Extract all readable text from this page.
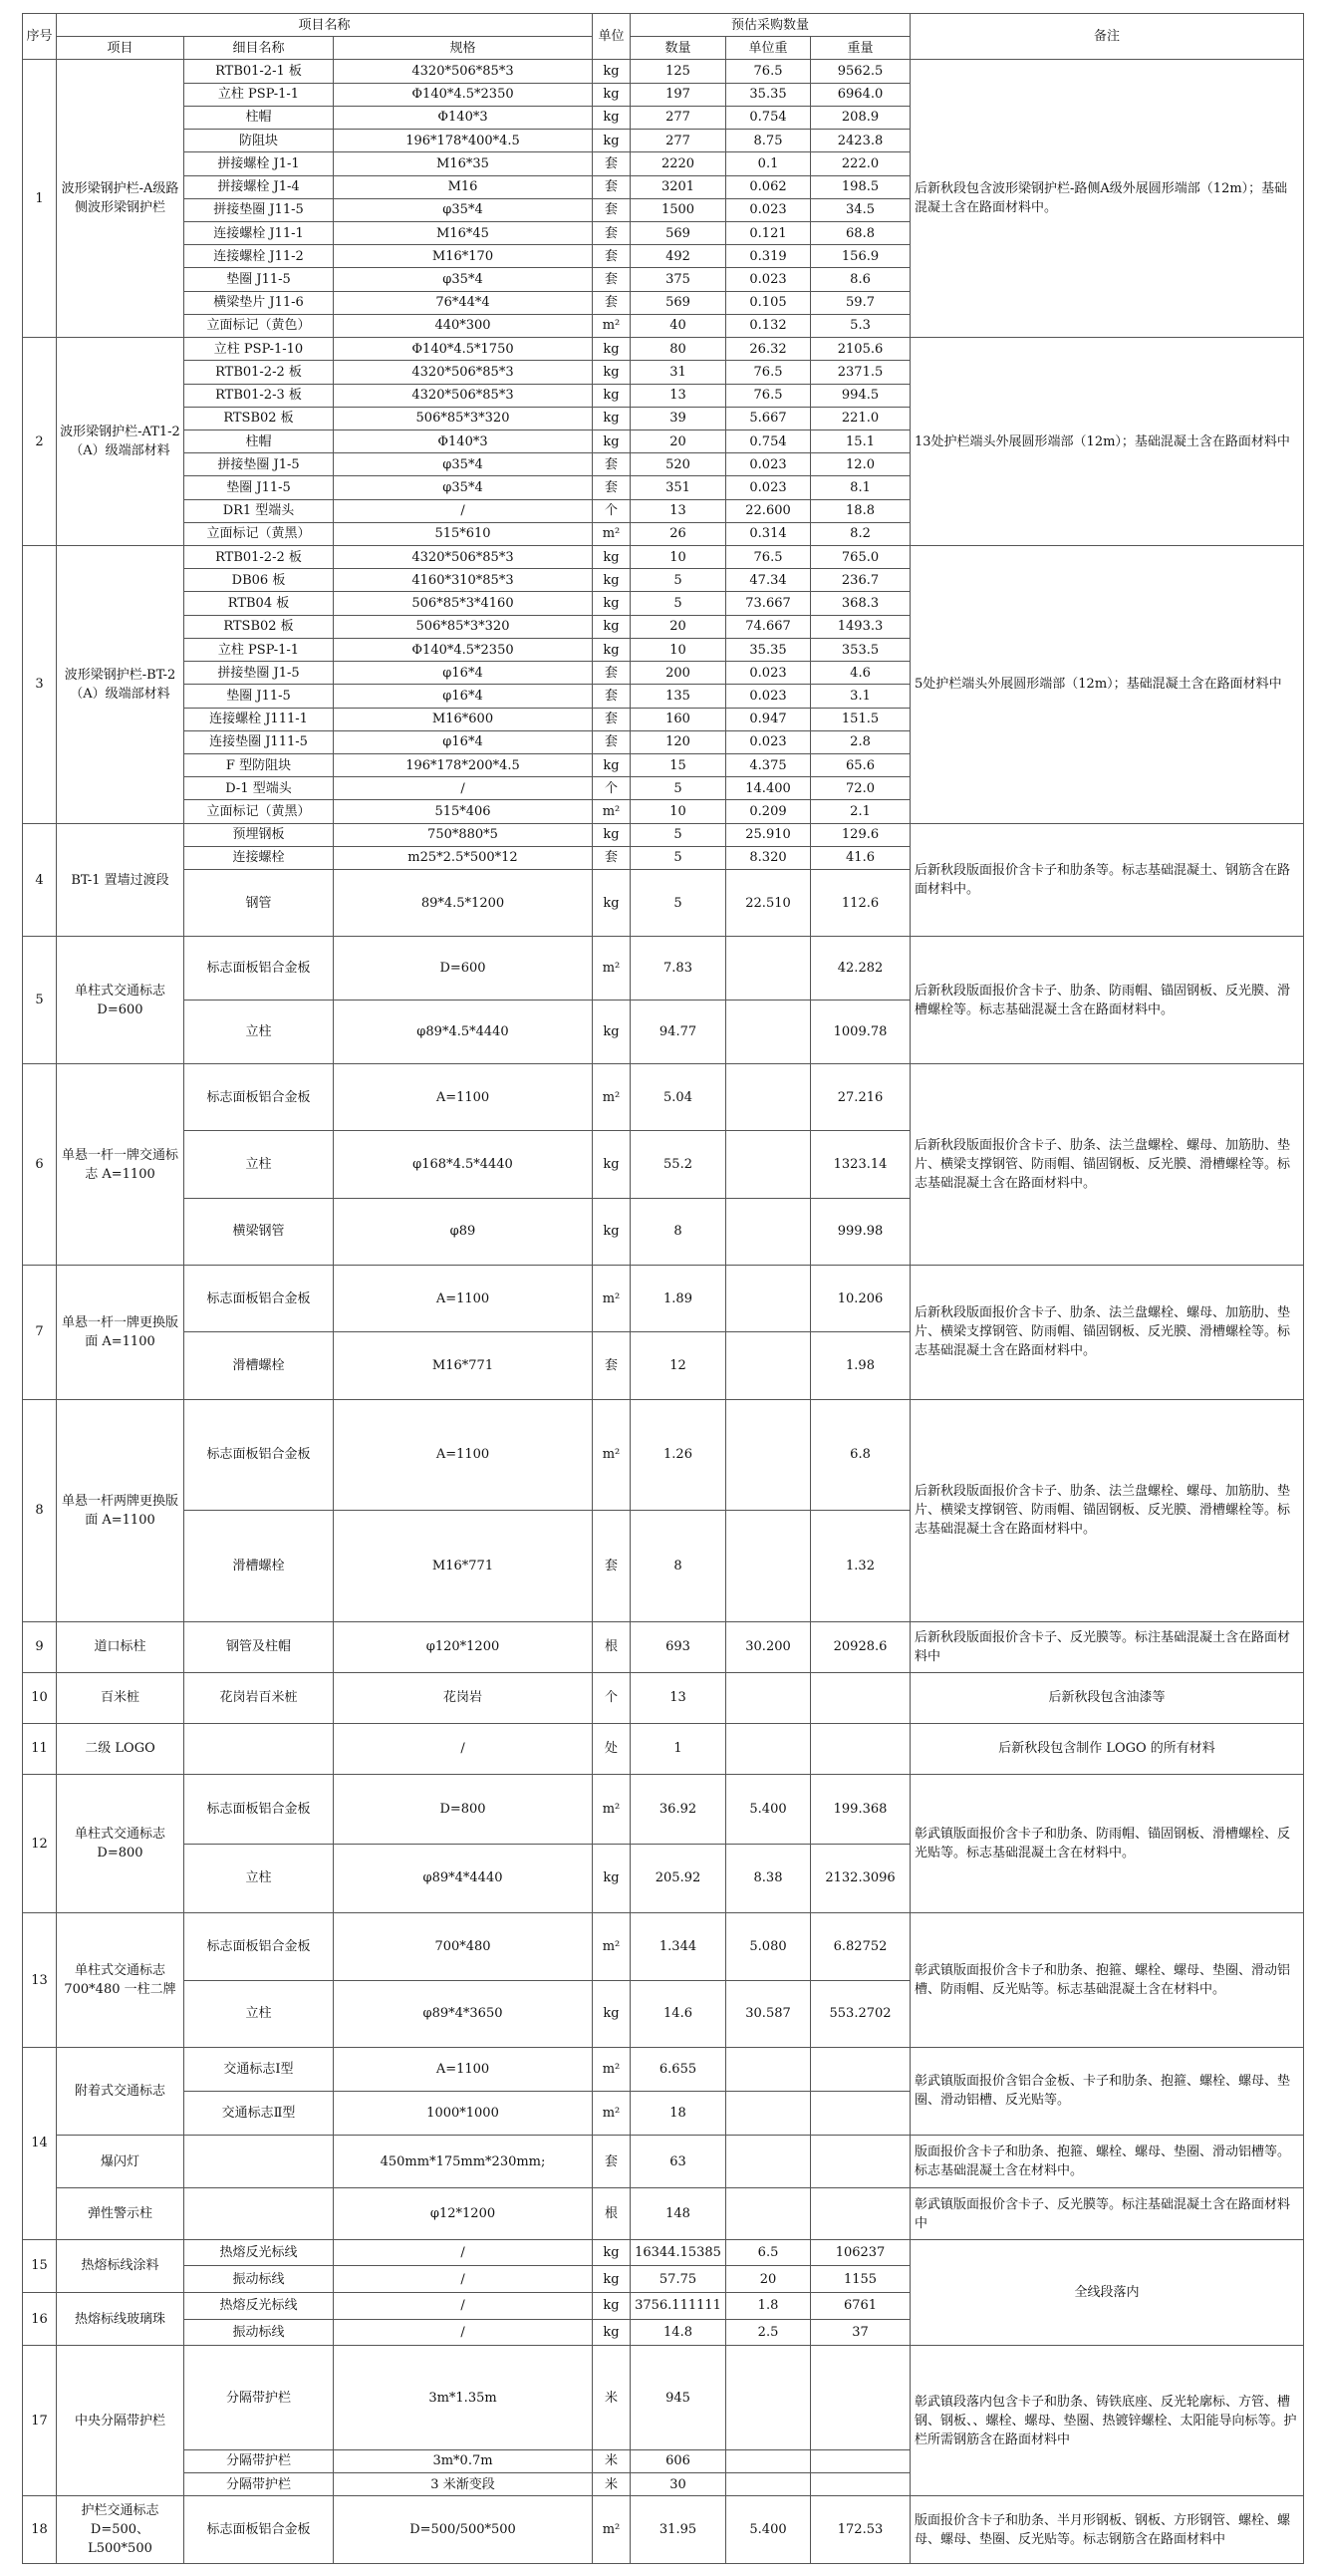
序号	项目名称			单位	预估采购数量			备注
	项目	细目名称	规格		数量	单位重	重量	
1	波形梁钢护栏-A级路侧波形梁钢护栏	RTB01-2-1 板	4320*506*85*3	kg	125	76.5	9562.5	后新秋段包含波形梁钢护栏-路侧A级外展圆形端部（12m）；基础混凝土含在路面材料中。
		立柱 PSP-1-1	Φ140*4.5*2350	kg	197	35.35	6964.0	
		柱帽	Φ140*3	kg	277	0.754	208.9	
		防阻块	196*178*400*4.5	kg	277	8.75	2423.8	
		拼接螺栓 J1-1	M16*35	套	2220	0.1	222.0	
		拼接螺栓 J1-4	M16	套	3201	0.062	198.5	
		拼接垫圈 J11-5	φ35*4	套	1500	0.023	34.5	
		连接螺栓 J11-1	M16*45	套	569	0.121	68.8	
		连接螺栓 J11-2	M16*170	套	492	0.319	156.9	
		垫圈 J11-5	φ35*4	套	375	0.023	8.6	
		横梁垫片 J11-6	76*44*4	套	569	0.105	59.7	
		立面标记（黄色）	440*300	m²	40	0.132	5.3	
2	波形梁钢护栏-AT1-2（A）级端部材料	立柱 PSP-1-10	Φ140*4.5*1750	kg	80	26.32	2105.6	13处护栏端头外展圆形端部（12m）；基础混凝土含在路面材料中
		RTB01-2-2 板	4320*506*85*3	kg	31	76.5	2371.5	
		RTB01-2-3 板	4320*506*85*3	kg	13	76.5	994.5	
		RTSB02 板	506*85*3*320	kg	39	5.667	221.0	
		柱帽	Φ140*3	kg	20	0.754	15.1	
		拼接垫圈 J1-5	φ35*4	套	520	0.023	12.0	
		垫圈 J11-5	φ35*4	套	351	0.023	8.1	
		DR1 型端头	/	个	13	22.600	18.8	
		立面标记（黄黑）	515*610	m²	26	0.314	8.2	
3	波形梁钢护栏-BT-2（A）级端部材料	RTB01-2-2 板	4320*506*85*3	kg	10	76.5	765.0	5处护栏端头外展圆形端部（12m）；基础混凝土含在路面材料中
		DB06 板	4160*310*85*3	kg	5	47.34	236.7	
		RTB04 板	506*85*3*4160	kg	5	73.667	368.3	
		RTSB02 板	506*85*3*320	kg	20	74.667	1493.3	
		立柱 PSP-1-1	Φ140*4.5*2350	kg	10	35.35	353.5	
		拼接垫圈 J1-5	φ16*4	套	200	0.023	4.6	
		垫圈 J11-5	φ16*4	套	135	0.023	3.1	
		连接螺栓 J111-1	M16*600	套	160	0.947	151.5	
		连接垫圈 J111-5	φ16*4	套	120	0.023	2.8	
		F 型防阻块	196*178*200*4.5	kg	15	4.375	65.6	
		D-1 型端头	/	个	5	14.400	72.0	
		立面标记（黄黑）	515*406	m²	10	0.209	2.1	
4	BT-1 置墙过渡段	预埋钢板	750*880*5	kg	5	25.910	129.6	后新秋段版面报价含卡子和肋条等。标志基础混凝土、钢筋含在路面材料中。
		连接螺栓	m25*2.5*500*12	套	5	8.320	41.6	
		钢管	89*4.5*1200	kg	5	22.510	112.6	
5	单柱式交通标志 D=600	标志面板铝合金板	D=600	m²	7.83		42.282	后新秋段版面报价含卡子、肋条、防雨帽、锚固钢板、反光膜、滑槽螺栓等。标志基础混凝土含在路面材料中。
		立柱	φ89*4.5*4440	kg	94.77		1009.78	
6	单悬一杆一牌交通标志 A=1100	标志面板铝合金板	A=1100	m²	5.04		27.216	后新秋段版面报价含卡子、肋条、法兰盘螺栓、螺母、加筋肋、垫片、横梁支撑钢管、防雨帽、锚固钢板、反光膜、滑槽螺栓等。标志基础混凝土含在路面材料中。
		立柱	φ168*4.5*4440	kg	55.2		1323.14	
		横梁钢管	φ89	kg	8		999.98	
7	单悬一杆一牌更换版面 A=1100	标志面板铝合金板	A=1100	m²	1.89		10.206	后新秋段版面报价含卡子、肋条、法兰盘螺栓、螺母、加筋肋、垫片、横梁支撑钢管、防雨帽、锚固钢板、反光膜、滑槽螺栓等。标志基础混凝土含在路面材料中。
		滑槽螺栓	M16*771	套	12		1.98	
8	单悬一杆两牌更换版面 A=1100	标志面板铝合金板	A=1100	m²	1.26		6.8	后新秋段版面报价含卡子、肋条、法兰盘螺栓、螺母、加筋肋、垫片、横梁支撑钢管、防雨帽、锚固钢板、反光膜、滑槽螺栓等。标志基础混凝土含在路面材料中。
		滑槽螺栓	M16*771	套	8		1.32	
9	道口标柱	钢管及柱帽	φ120*1200	根	693	30.200	20928.6	后新秋段版面报价含卡子、反光膜等。标注基础混凝土含在路面材料中
10	百米桩	花岗岩百米桩	花岗岩	个	13			后新秋段包含油漆等
11	二级 LOGO		/	处	1			后新秋段包含制作 LOGO 的所有材料
12	单柱式交通标志 D=800	标志面板铝合金板	D=800	m²	36.92	5.400	199.368	彰武镇版面报价含卡子和肋条、防雨帽、锚固钢板、滑槽螺栓、反光贴等。标志基础混凝土含在材料中。
		立柱	φ89*4*4440	kg	205.92	8.38	2132.3096	
13	单柱式交通标志 700*480 一柱二牌	标志面板铝合金板	700*480	m²	1.344	5.080	6.82752	彰武镇版面报价含卡子和肋条、抱箍、螺栓、螺母、垫圈、滑动铝槽、防雨帽、反光贴等。标志基础混凝土含在材料中。
		立柱	φ89*4*3650	kg	14.6	30.587	553.2702	
14	附着式交通标志	交通标志Ⅰ型	A=1100	m²	6.655			彰武镇版面报价含铝合金板、卡子和肋条、抱箍、螺栓、螺母、垫圈、滑动铝槽、反光贴等。
		交通标志Ⅱ型	1000*1000	m²	18			
	爆闪灯		450mm*175mm*230mm;	套	63			版面报价含卡子和肋条、抱箍、螺栓、螺母、垫圈、滑动铝槽等。标志基础混凝土含在材料中。
	弹性警示柱		φ12*1200	根	148			彰武镇版面报价含卡子、反光膜等。标注基础混凝土含在路面材料中
15	热熔标线涂料	热熔反光标线	/	kg	16344.15385	6.5	106237	全线段落内
		振动标线	/	kg	57.75	20	1155	
16	热熔标线玻璃珠	热熔反光标线	/	kg	3756.111111	1.8	6761	
		振动标线	/	kg	14.8	2.5	37	
17	中央分隔带护栏	分隔带护栏	3m*1.35m	米	945			彰武镇段落内包含卡子和肋条、铸铁底座、反光轮廓标、方管、槽钢、钢板、、螺栓、螺母、垫圈、热镀锌螺栓、太阳能导向标等。护栏所需钢筋含在路面材料中
		分隔带护栏	3m*0.7m	米	606			
		分隔带护栏	3 米渐变段	米	30			
18	护栏交通标志 D=500、L500*500	标志面板铝合金板	D=500/500*500	m²	31.95	5.400	172.53	版面报价含卡子和肋条、半月形钢板、钢板、方形钢管、螺栓、螺母、螺母、垫圈、反光贴等。标志钢筋含在路面材料中
